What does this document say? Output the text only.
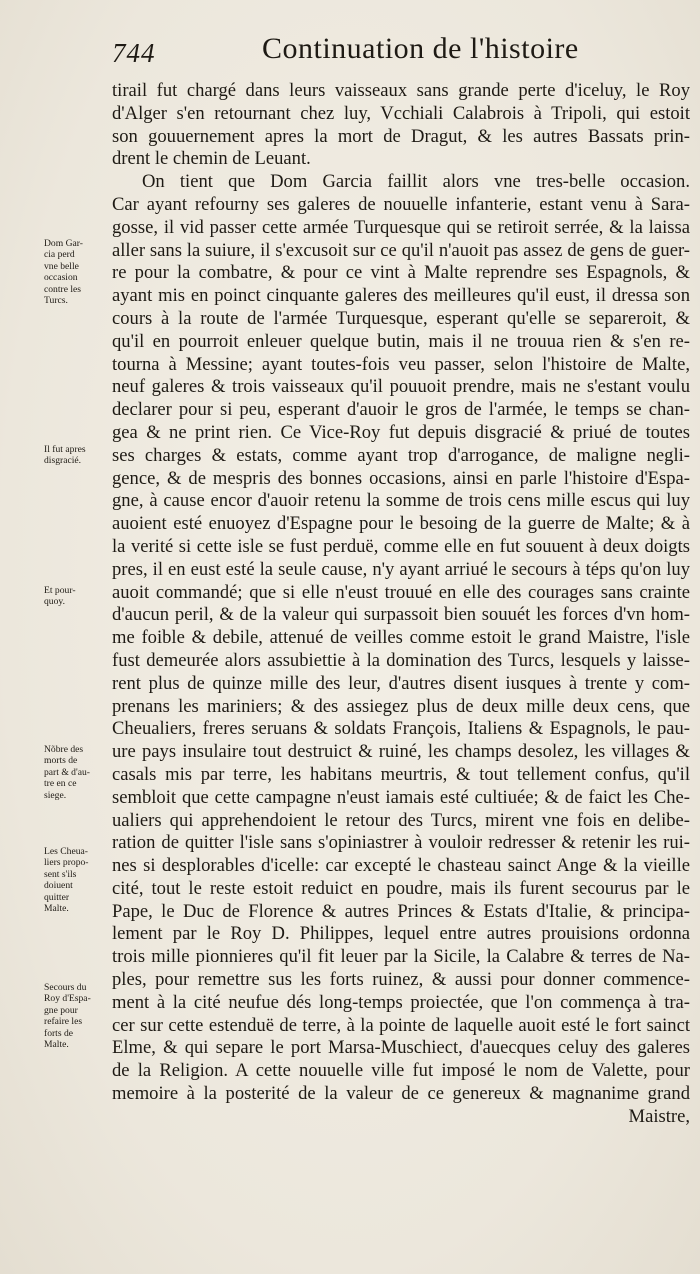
744	Continuation de l'histoire
tirail fut chargé dans leurs vaisseaux sans grande perte d'iceluy, le Roy
d'Alger s'en retournant chez luy, Vcchiali Calabrois à Tripoli, qui estoit
son gouuernement apres la mort de Dragut, & les autres Bassats prin-
drent le chemin de Leuant.
On tient que Dom Garcia faillit alors vne tres-belle occasion.
Car ayant refourny ses galeres de nouuelle infanterie, estant venu à Sara-
gosse, il vid passer cette armée Turquesque qui se retiroit serrée, & la laissa
aller sans la suiure, il s'excusoit sur ce qu'il n'auoit pas assez de gens de guer-
re pour la combatre, & pour ce vint à Malte reprendre ses Espagnols, &
ayant mis en poinct cinquante galeres des meilleures qu'il eust, il dressa son
cours à la route de l'armée Turquesque, esperant qu'elle se separeroit, &
qu'il en pourroit enleuer quelque butin, mais il ne trouua rien & s'en re-
tourna à Messine; ayant toutes-fois veu passer, selon l'histoire de Malte,
neuf galeres & trois vaisseaux qu'il pouuoit prendre, mais ne s'estant voulu
declarer pour si peu, esperant d'auoir le gros de l'armée, le temps se chan-
gea & ne print rien. Ce Vice-Roy fut depuis disgracié & priué de toutes
ses charges & estats, comme ayant trop d'arrogance, de maligne negli-
gence, & de mespris des bonnes occasions, ainsi en parle l'histoire d'Espa-
gne, à cause encor d'auoir retenu la somme de trois cens mille escus qui luy
auoient esté enuoyez d'Espagne pour le besoing de la guerre de Malte; & à
la verité si cette isle se fust perduë, comme elle en fut souuent à deux doigts
pres, il en eust esté la seule cause, n'y ayant arriué le secours à téps qu'on luy
auoit commandé; que si elle n'eust trouué en elle des courages sans crainte
d'aucun peril, & de la valeur qui surpassoit bien souuét les forces d'vn hom-
me foible & debile, attenué de veilles comme estoit le grand Maistre, l'isle
fust demeurée alors assubiettie à la domination des Turcs, lesquels y laisse-
rent plus de quinze mille des leur, d'autres disent iusques à trente y com-
prenans les mariniers; & des assiegez plus de deux mille deux cens, que
Cheualiers, freres seruans & soldats François, Italiens & Espagnols, le pau-
ure pays insulaire tout destruict & ruiné, les champs desolez, les villages &
casals mis par terre, les habitans meurtris, & tout tellement confus, qu'il
sembloit que cette campagne n'eust iamais esté cultiuée; & de faict les Che-
ualiers qui apprehendoient le retour des Turcs, mirent vne fois en delibe-
ration de quitter l'isle sans s'opiniastrer à vouloir redresser & retenir les rui-
nes si desplorables d'icelle: car excepté le chasteau sainct Ange & la vieille
cité, tout le reste estoit reduict en poudre, mais ils furent secourus par le
Pape, le Duc de Florence & autres Princes & Estats d'Italie, & principa-
lement par le Roy D. Philippes, lequel entre autres prouisions ordonna
trois mille pionnieres qu'il fit leuer par la Sicile, la Calabre & terres de Na-
ples, pour remettre sus les forts ruinez, & aussi pour donner commence-
ment à la cité neufue dés long-temps proiectée, que l'on commença à tra-
cer sur cette estenduë de terre, à la pointe de laquelle auoit esté le fort sainct
Elme, & qui separe le port Marsa-Muschiect, d'auecques celuy des galeres
de la Religion. A cette nouuelle ville fut imposé le nom de Valette, pour
memoire à la posterité de la valeur de ce genereux & magnanime grand
Maistre,
Dom Gar-
cia perd
vne belle
occasion
contre les
Turcs.
Il fut apres
disgracié.
Et pour-
quoy.
Nõbre des
morts de
part & d'au-
tre en ce
siege.
Les Cheua-
liers propo-
sent s'ils
doiuent
quitter
Malte.
Secours du
Roy d'Espa-
gne pour
refaire les
forts de
Malte.
